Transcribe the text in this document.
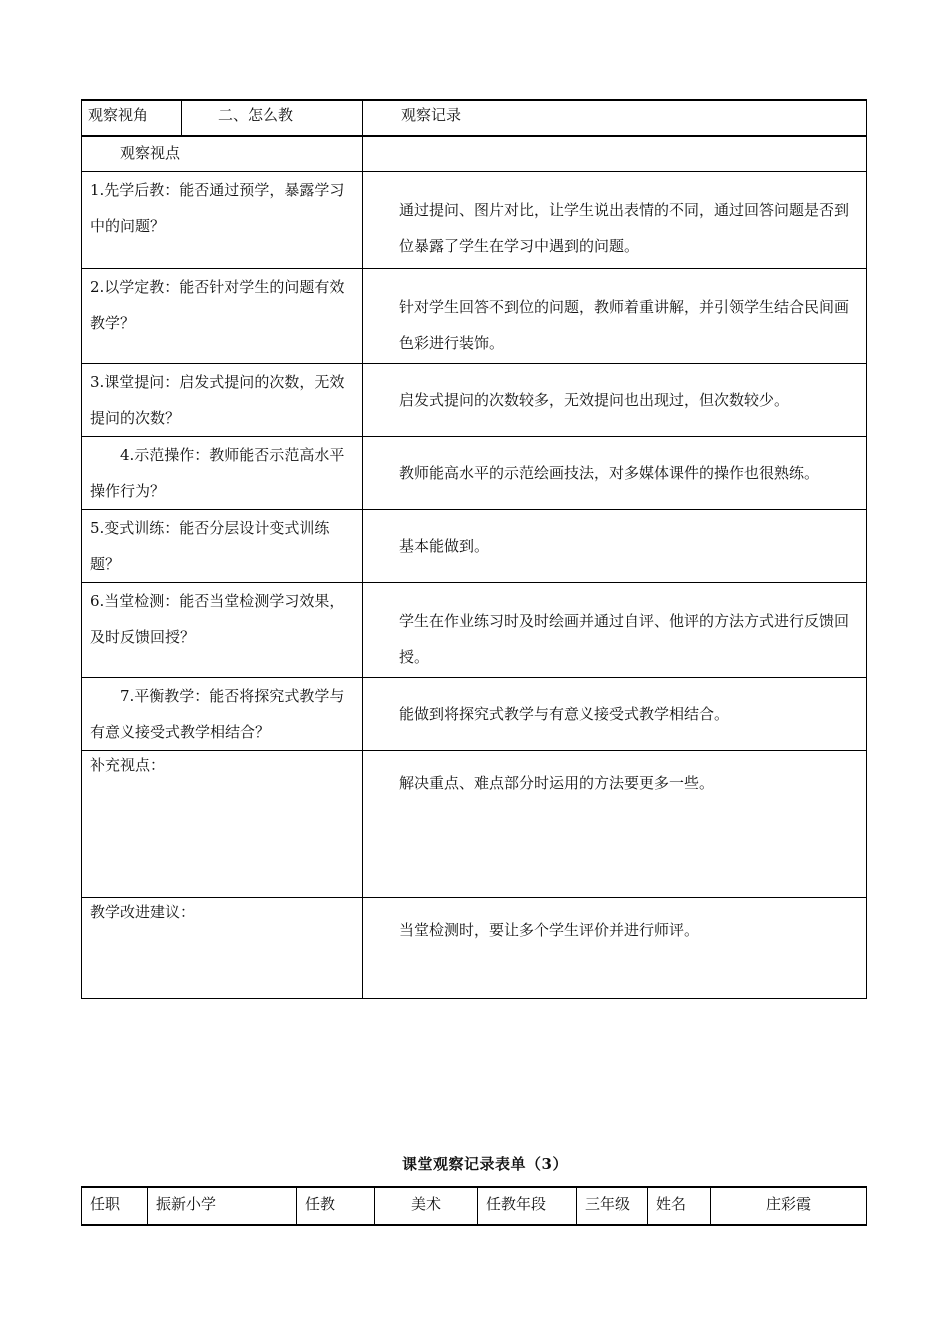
观察视角	二、怎么教	观察记录
观察视点		
1.先学后教：能否通过预学，暴露学习中的问题？		通过提问、图片对比，让学生说出表情的不同，通过回答问题是否到位暴露了学生在学习中遇到的问题。
2.以学定教：能否针对学生的问题有效教学？		针对学生回答不到位的问题，教师着重讲解，并引领学生结合民间画色彩进行装饰。
3.课堂提问：启发式提问的次数，无效提问的次数？		启发式提问的次数较多，无效提问也出现过，但次数较少。
4.示范操作：教师能否示范高水平操作行为？		教师能高水平的示范绘画技法，对多媒体课件的操作也很熟练。
5.变式训练：能否分层设计变式训练题？		基本能做到。
6.当堂检测：能否当堂检测学习效果，及时反馈回授？		学生在作业练习时及时绘画并通过自评、他评的方法方式进行反馈回授。
7.平衡教学：能否将探究式教学与有意义接受式教学相结合？		能做到将探究式教学与有意义接受式教学相结合。
补充视点：		解决重点、难点部分时运用的方法要更多一些。
教学改进建议：		当堂检测时，要让多个学生评价并进行师评。
课堂观察记录表单（3）
任职	振新小学	任教	美术	任教年段	三年级	姓名	庄彩霞
